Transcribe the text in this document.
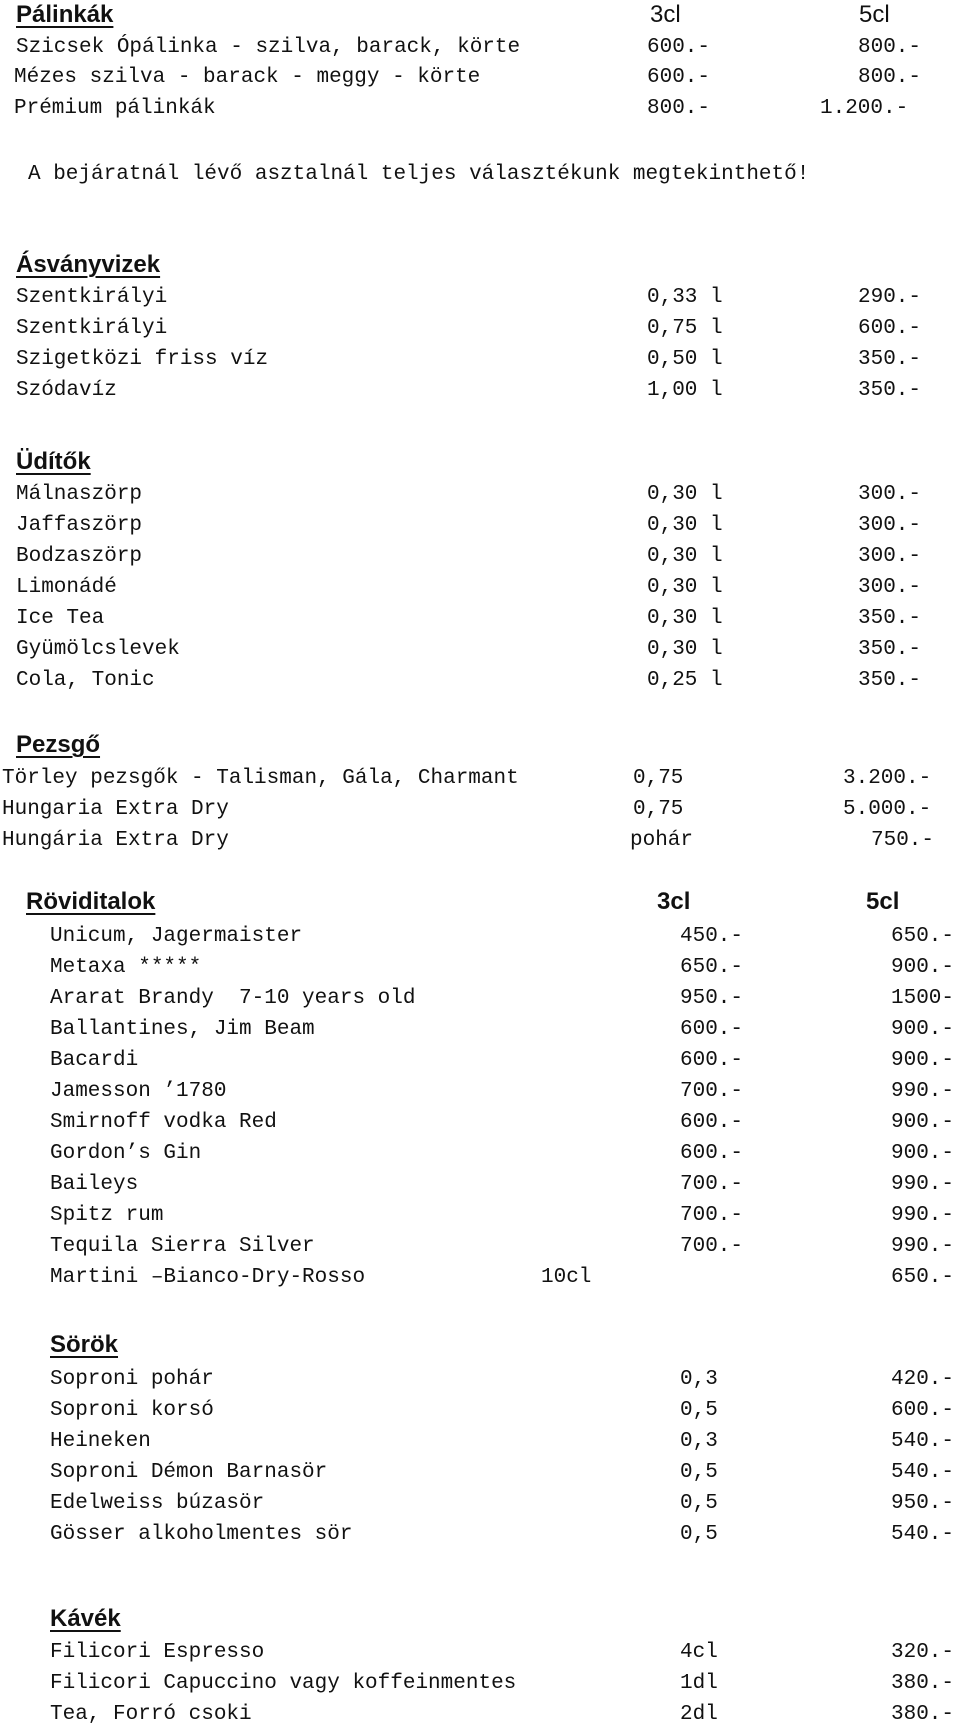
Pálinkák	3cl	5cl
Szicsek Ópálinka - szilva, barack, körte	600.-	800.-
Mézes szilva - barack - meggy - körte	600.-	800.-
Prémium pálinkák	800.-	1.200.-
A bejáratnál lévő asztalnál teljes választékunk megtekinthető!
Ásványvizek
Szentkirályi	0,33 l	290.-
Szentkirályi	0,75 l	600.-
Szigetközi friss víz	0,50 l	350.-
Szódavíz	1,00 l	350.-
Üdítők
Málnaszörp	0,30 l	300.-
Jaffaszörp	0,30 l	300.-
Bodzaszörp	0,30 l	300.-
Limonádé	0,30 l	300.-
Ice Tea	0,30 l	350.-
Gyümölcslevek	0,30 l	350.-
Cola, Tonic	0,25 l	350.-
Pezsgő
Törley pezsgők - Talisman, Gála, Charmant	0,75	3.200.-
Hungaria Extra Dry	0,75	5.000.-
Hungária Extra Dry	pohár	750.-
Röviditalok	3cl	5cl
Unicum, Jagermaister	450.-	650.-
Metaxa *****	650.-	900.-
Ararat Brandy  7-10 years old	950.-	1500-
Ballantines, Jim Beam	600.-	900.-
Bacardi	600.-	900.-
Jamesson ’1780	700.-	990.-
Smirnoff vodka Red	600.-	900.-
Gordon’s Gin	600.-	900.-
Baileys	700.-	990.-
Spitz rum	700.-	990.-
Tequila Sierra Silver	700.-	990.-
Martini –Bianco-Dry-Rosso	10cl	650.-
Sörök
Soproni pohár	0,3	420.-
Soproni korsó	0,5	600.-
Heineken	0,3	540.-
Soproni Démon Barnasör	0,5	540.-
Edelweiss búzasör	0,5	950.-
Gösser alkoholmentes sör	0,5	540.-
Kávék
Filicori Espresso	4cl	320.-
Filicori Capuccino vagy koffeinmentes	1dl	380.-
Tea, Forró csoki	2dl	380.-
